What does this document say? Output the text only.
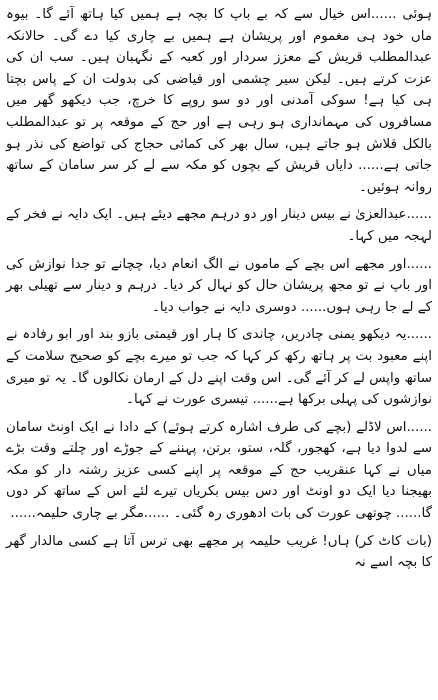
ہوئی ......اس خیال سے کہ بے باپ کا بچہ ہے ہمیں کیا ہاتھ آئے گا۔ بیوہ ماں خود ہی مغموم اور پریشان ہے ہمیں بے چاری کیا دے گی۔ حالانکہ عبدالمطلب قریش کے معزز سردار اور کعبہ کے نگہبان ہیں۔ سب ان کی عزت کرتے ہیں۔ لیکن سیر چشمی اور فیاضی کی بدولت ان کے پاس بچتا ہی کیا ہے! سوکی آمدنی اور دو سو روپے کا خرچ، جب دیکھو گھر میں مسافروں کی مہمانداری ہو رہی ہے اور حج کے موقعہ پر تو عبدالمطلب بالکل قلاش ہو جاتے ہیں، سال بھر کی کمائی حجاج کی تواضع کی نذر ہو جاتی ہے...... دایاں قریش کے بچوں کو مکہ سے لے کر سر سامان کے ساتھ روانہ ہوئیں۔

......عبدالعزیٰ نے بیس دینار اور دو درہم مجھے دیئے ہیں۔ ایک دایہ نے فخر کے لہجہ میں کہا۔

......اور مجھے اس بچے کے ماموں نے الگ انعام دیا، چچانے تو جدا نوازش کی اور باپ نے تو مجھ پریشان حال کو نہال کر دیا۔ درہم و دینار سے تھیلی بھر کے لے جا رہی ہوں...... دوسری دایہ نے جواب دیا۔

......یہ دیکھو یمنی چادریں، چاندی کا ہار اور قیمتی بازو بند اور ابو رفادہ نے اپنے معبود بت پر ہاتھ رکھ کر کہا کہ جب تو میرے بچے کو صحیح سلامت کے ساتھ واپس لے کر آئے گی۔ اس وقت اپنے دل کے ارمان نکالوں گا۔ یہ تو میری نوازشوں کی پہلی برکھا ہے...... تیسری عورت نے کہا۔

......اس لاڈلے (بچے کی طرف اشارہ کرتے ہوئے) کے دادا نے ایک اونٹ سامان سے لدوا دیا ہے، کھجور، گلہ، ستو، برتن، پہننے کے جوڑے اور چلتے وقت بڑے میاں نے کہا عنقریب حج کے موقعہ پر اپنے کسی عزیز رشتہ دار کو مکہ بھیجنا دیا ایک دو اونٹ اور دس بیس بکریاں تیرے لئے اس کے ساتھ کر دوں گا...... چوتھی عورت کی بات ادھوری رہ گئی۔ ......مگر بے چاری حلیمہ......

(بات کاٹ کر) ہاں! غریب حلیمہ پر مجھے بھی ترس آتا ہے کسی مالدار گھر کا بچہ اسے نہ
